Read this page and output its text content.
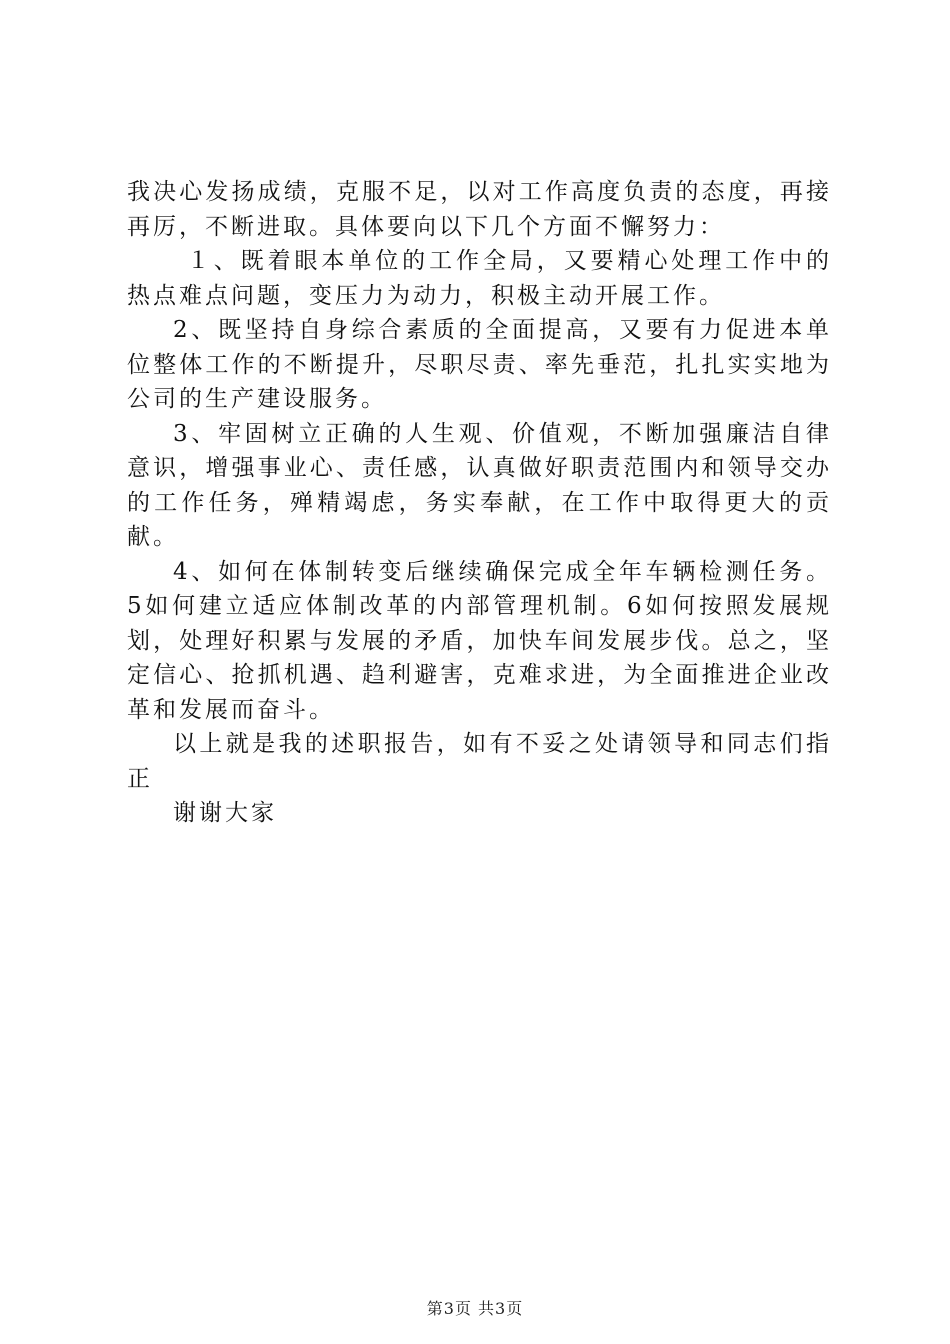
我决心发扬成绩，克服不足，以对工作高度负责的态度，再接再厉，不断进取。具体要向以下几个方面不懈努力：

１、既着眼本单位的工作全局，又要精心处理工作中的热点难点问题，变压力为动力，积极主动开展工作。

2、既坚持自身综合素质的全面提高，又要有力促进本单位整体工作的不断提升，尽职尽责、率先垂范，扎扎实实地为公司的生产建设服务。

3、牢固树立正确的人生观、价值观，不断加强廉洁自律意识，增强事业心、责任感，认真做好职责范围内和领导交办的工作任务，殚精竭虑，务实奉献，在工作中取得更大的贡献。

4、如何在体制转变后继续确保完成全年车辆检测任务。5如何建立适应体制改革的内部管理机制。6如何按照发展规划，处理好积累与发展的矛盾，加快车间发展步伐。总之，坚定信心、抢抓机遇、趋利避害，克难求进，为全面推进企业改革和发展而奋斗。

以上就是我的述职报告，如有不妥之处请领导和同志们指正

谢谢大家

第3页 共3页
